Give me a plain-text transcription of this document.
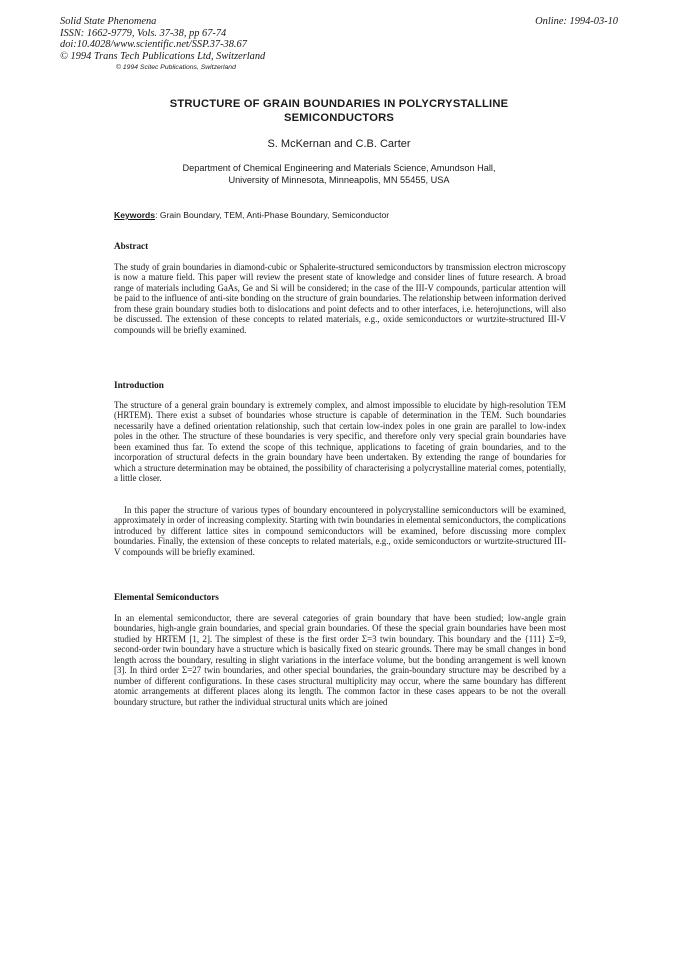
Solid State Phenomena
ISSN: 1662-9779, Vols. 37-38, pp 67-74
doi:10.4028/www.scientific.net/SSP.37-38.67
© 1994 Trans Tech Publications Ltd, Switzerland
© 1994 Scitec Publications, Switzerland
Online: 1994-03-10
STRUCTURE OF GRAIN BOUNDARIES IN POLYCRYSTALLINE
SEMICONDUCTORS
S. McKernan and C.B. Carter
Department of Chemical Engineering and Materials Science, Amundson Hall,
University of Minnesota, Minneapolis, MN 55455, USA
Keywords: Grain Boundary, TEM, Anti-Phase Boundary, Semiconductor
Abstract
The study of grain boundaries in diamond-cubic or Sphalerite-structured semiconductors by transmission electron microscopy is now a mature field. This paper will review the present state of knowledge and consider lines of future research. A broad range of materials including GaAs, Ge and Si will be considered; in the case of the III-V compounds, particular attention will be paid to the influence of anti-site bonding on the structure of grain boundaries. The relationship between information derived from these grain boundary studies both to dislocations and point defects and to other interfaces, i.e. heterojunctions, will also be discussed. The extension of these concepts to related materials, e.g., oxide semiconductors or wurtzite-structured III-V compounds will be briefly examined.
Introduction
The structure of a general grain boundary is extremely complex, and almost impossible to elucidate by high-resolution TEM (HRTEM). There exist a subset of boundaries whose structure is capable of determination in the TEM. Such boundaries necessarily have a defined orientation relationship, such that certain low-index poles in one grain are parallel to low-index poles in the other. The structure of these boundaries is very specific, and therefore only very special grain boundaries have been examined thus far. To extend the scope of this technique, applications to faceting of grain boundaries, and to the incorporation of structural defects in the grain boundary have been undertaken. By extending the range of boundaries for which a structure determination may be obtained, the possibility of characterising a polycrystalline material comes, potentially, a little closer.
In this paper the structure of various types of boundary encountered in polycrystalline semiconductors will be examined, approximately in order of increasing complexity. Starting with twin boundaries in elemental semiconductors, the complications introduced by different lattice sites in compound semiconductors will be examined, before discussing more complex boundaries. Finally, the extension of these concepts to related materials, e.g., oxide semiconductors or wurtzite-structured III-V compounds will be briefly examined.
Elemental Semiconductors
In an elemental semiconductor, there are several categories of grain boundary that have been studied; low-angle grain boundaries, high-angle grain boundaries, and special grain boundaries. Of these the special grain boundaries have been most studied by HRTEM [1, 2]. The simplest of these is the first order Σ=3 twin boundary. This boundary and the {111} Σ=9, second-order twin boundary have a structure which is basically fixed on stearic grounds. There may be small changes in bond length across the boundary, resulting in slight variations in the interface volume, but the bonding arrangement is well known [3]. In third order Σ=27 twin boundaries, and other special boundaries, the grain-boundary structure may be described by a number of different configurations. In these cases structural multiplicity may occur, where the same boundary has different atomic arrangements at different places along its length. The common factor in these cases appears to be not the overall boundary structure, but rather the individual structural units which are joined
